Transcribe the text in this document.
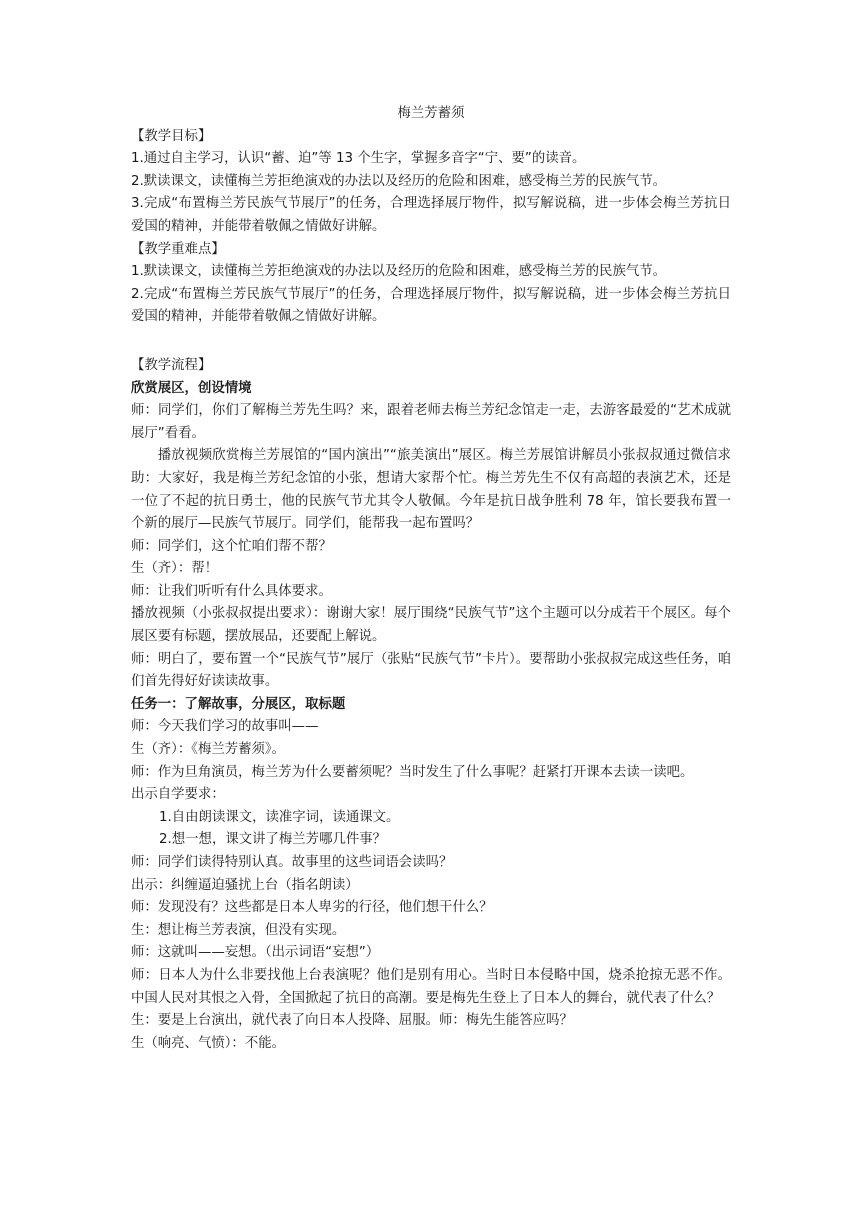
梅兰芳蓄须
【教学目标】
1.通过自主学习，认识“蓄、迫”等 13 个生字，掌握多音字“宁、要”的读音。
2.默读课文，读懂梅兰芳拒绝演戏的办法以及经历的危险和困难，感受梅兰芳的民族气节。
3.完成“布置梅兰芳民族气节展厅”的任务，合理选择展厅物件，拟写解说稿，进一步体会梅兰芳抗日爱国的精神，并能带着敬佩之情做好讲解。
【教学重难点】
1.默读课文，读懂梅兰芳拒绝演戏的办法以及经历的危险和困难，感受梅兰芳的民族气节。
2.完成“布置梅兰芳民族气节展厅”的任务，合理选择展厅物件，拟写解说稿，进一步体会梅兰芳抗日爱国的精神，并能带着敬佩之情做好讲解。
【教学流程】
欣赏展区，创设情境
师：同学们，你们了解梅兰芳先生吗？来，跟着老师去梅兰芳纪念馆走一走，去游客最爱的“艺术成就展厅”看看。
播放视频欣赏梅兰芳展馆的“国内演出”“旅美演出”展区。梅兰芳展馆讲解员小张叔叔通过微信求助：大家好，我是梅兰芳纪念馆的小张，想请大家帮个忙。梅兰芳先生不仅有高超的表演艺术，还是一位了不起的抗日勇士，他的民族气节尤其令人敬佩。今年是抗日战争胜利 78 年，馆长要我布置一个新的展厅—民族气节展厅。同学们，能帮我一起布置吗？
师：同学们，这个忙咱们帮不帮？
生（齐）：帮！
师：让我们听听有什么具体要求。
播放视频（小张叔叔提出要求）：谢谢大家！展厅围绕“民族气节”这个主题可以分成若干个展区。每个展区要有标题，摆放展品，还要配上解说。
师：明白了，要布置一个“民族气节”展厅（张贴“民族气节”卡片）。要帮助小张叔叔完成这些任务，咱们首先得好好读读故事。
任务一：了解故事，分展区，取标题
师：今天我们学习的故事叫——
生（齐）：《梅兰芳蓄须》。
师：作为旦角演员，梅兰芳为什么要蓄须呢？当时发生了什么事呢？赶紧打开课本去读一读吧。
出示自学要求：
1.自由朗读课文，读准字词，读通课文。
2.想一想，课文讲了梅兰芳哪几件事？
师：同学们读得特别认真。故事里的这些词语会读吗？
出示：纠缠逼迫骚扰上台（指名朗读）
师：发现没有？这些都是日本人卑劣的行径，他们想干什么？
生：想让梅兰芳表演，但没有实现。
师：这就叫——妄想。（出示词语“妄想”）
师：日本人为什么非要找他上台表演呢？他们是别有用心。当时日本侵略中国，烧杀抢掠无恶不作。中国人民对其恨之入骨，全国掀起了抗日的高潮。要是梅先生登上了日本人的舞台，就代表了什么？
生：要是上台演出，就代表了向日本人投降、屈服。师：梅先生能答应吗？
生（响亮、气愤）：不能。
